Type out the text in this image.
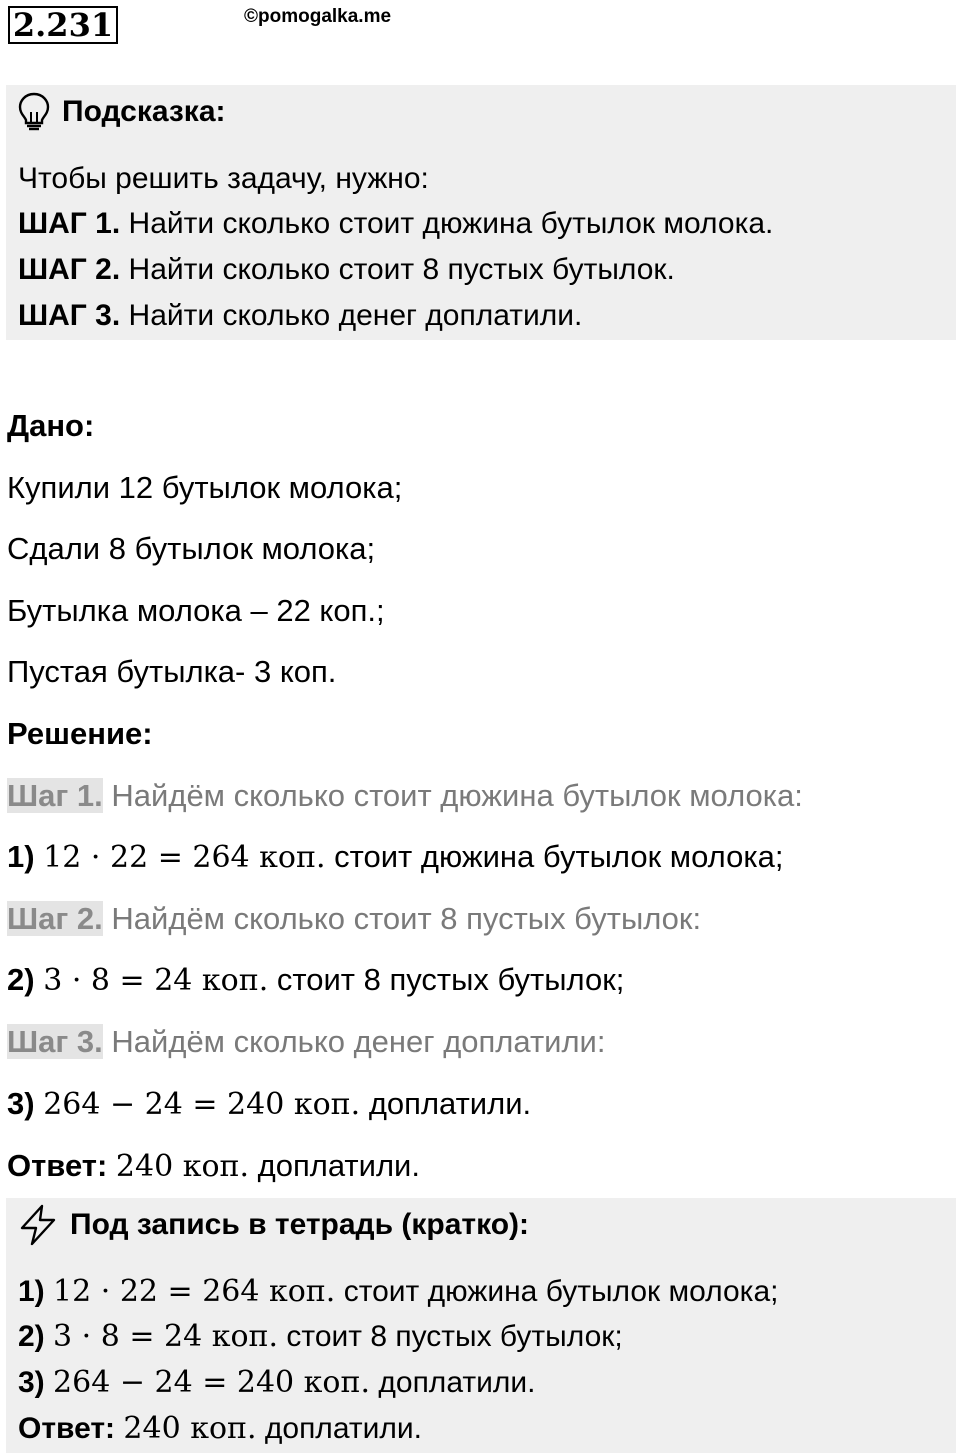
2.231	©pomogalka.me
Подсказка:
Чтобы решить задачу, нужно:
ШАГ 1. Найти сколько стоит дюжина бутылок молока.
ШАГ 2. Найти сколько стоит 8 пустых бутылок.
ШАГ 3. Найти сколько денег доплатили.
Дано:
Купили 12 бутылок молока;
Сдали 8 бутылок молока;
Бутылка молока – 22 коп.;
Пустая бутылка- 3 коп.
Решение:
Шаг 1. Найдём сколько стоит дюжина бутылок молока:
1) 12 · 22 = 264 коп. стоит дюжина бутылок молока;
Шаг 2. Найдём сколько стоит 8 пустых бутылок:
2) 3 · 8 = 24 коп. стоит 8 пустых бутылок;
Шаг 3. Найдём сколько денег доплатили:
3) 264 − 24 = 240 коп. доплатили.
Ответ: 240 коп. доплатили.
Под запись в тетрадь (кратко):
1) 12 · 22 = 264 коп. стоит дюжина бутылок молока;
2) 3 · 8 = 24 коп. стоит 8 пустых бутылок;
3) 264 − 24 = 240 коп. доплатили.
Ответ: 240 коп. доплатили.
